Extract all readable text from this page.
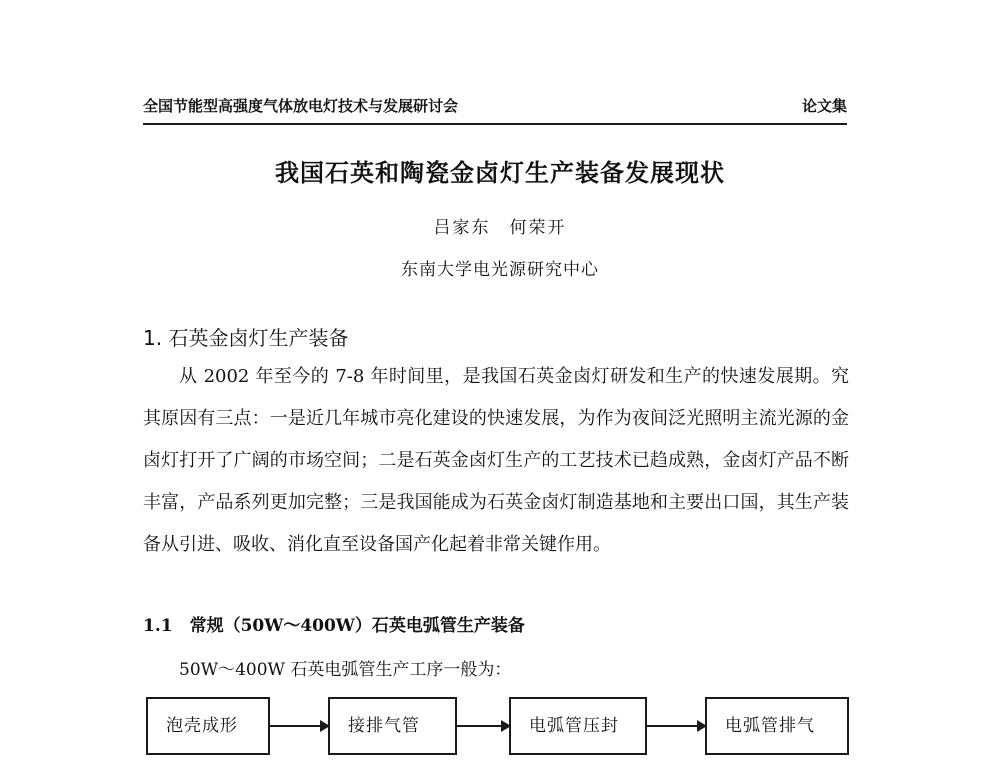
全国节能型高强度气体放电灯技术与发展研讨会	论文集
我国石英和陶瓷金卤灯生产装备发展现状
吕家东　何荣开
东南大学电光源研究中心
1. 石英金卤灯生产装备

从 2002 年至今的 7-8 年时间里，是我国石英金卤灯研发和生产的快速发展期。究其原因有三点：一是近几年城市亮化建设的快速发展，为作为夜间泛光照明主流光源的金卤灯打开了广阔的市场空间；二是石英金卤灯生产的工艺技术已趋成熟，金卤灯产品不断丰富，产品系列更加完整；三是我国能成为石英金卤灯制造基地和主要出口国，其生产装备从引进、吸收、消化直至设备国产化起着非常关键作用。

1.1　常规（50W～400W）石英电弧管生产装备
50W～400W 石英电弧管生产工序一般为：
泡壳成形	接排气管	电弧管压封	电弧管排气
